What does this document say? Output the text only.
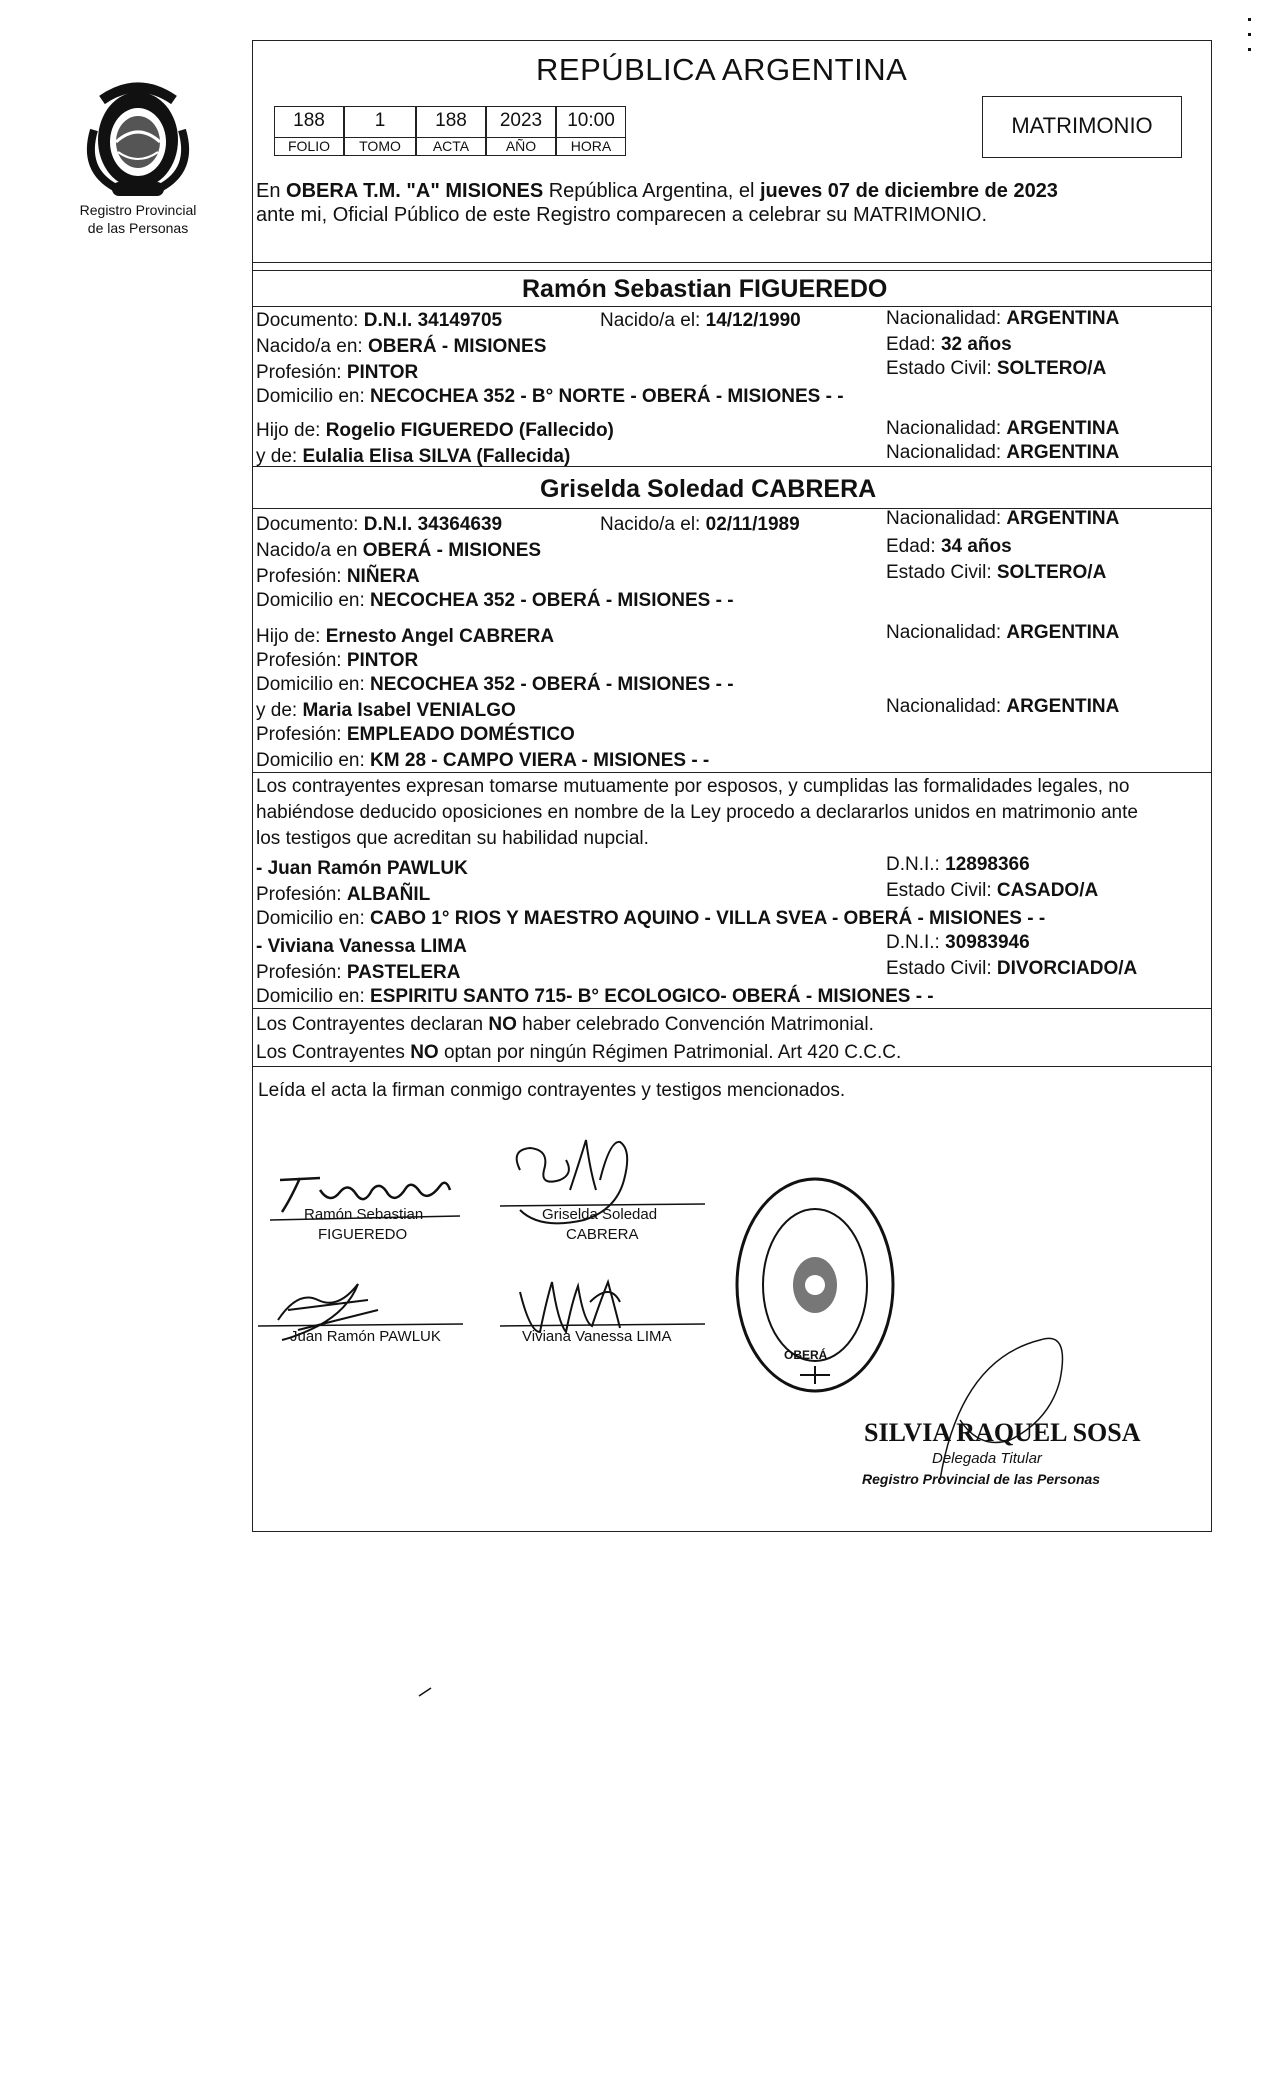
Registro Provincial
de las Personas
REPÚBLICA ARGENTINA
188	1	188	2023	10:00
FOLIO	TOMO	ACTA	AÑO	HORA
MATRIMONIO
En OBERA T.M. "A" MISIONES República Argentina, el jueves 07 de diciembre de 2023
ante mi, Oficial Público de este Registro comparecen a celebrar su MATRIMONIO.
Ramón Sebastian FIGUEREDO
Documento: D.N.I. 34149705	Nacido/a el: 14/12/1990	Nacionalidad: ARGENTINA
Nacido/a en: OBERÁ - MISIONES	Edad: 32 años
Profesión: PINTOR	Estado Civil: SOLTERO/A
Domicilio en: NECOCHEA 352 - B° NORTE - OBERÁ - MISIONES - -
Hijo de: Rogelio FIGUEREDO (Fallecido)	Nacionalidad: ARGENTINA
y de: Eulalia Elisa SILVA (Fallecida)	Nacionalidad: ARGENTINA
Griselda Soledad CABRERA
Documento: D.N.I. 34364639	Nacido/a el: 02/11/1989	Nacionalidad: ARGENTINA
Nacido/a en OBERÁ - MISIONES	Edad: 34 años
Profesión: NIÑERA	Estado Civil: SOLTERO/A
Domicilio en: NECOCHEA 352 - OBERÁ - MISIONES - -
Hijo de: Ernesto Angel CABRERA	Nacionalidad: ARGENTINA
Profesión: PINTOR
Domicilio en: NECOCHEA 352 - OBERÁ - MISIONES - -
y de: Maria Isabel VENIALGO	Nacionalidad: ARGENTINA
Profesión: EMPLEADO DOMÉSTICO
Domicilio en: KM 28 - CAMPO VIERA - MISIONES - -
Los contrayentes expresan tomarse mutuamente por esposos, y cumplidas las formalidades legales, no
habiéndose deducido oposiciones en nombre de la Ley procedo a declararlos unidos en matrimonio ante
los testigos que acreditan su habilidad nupcial.
- Juan Ramón PAWLUK	D.N.I.: 12898366
Profesión: ALBAÑIL	Estado Civil: CASADO/A
Domicilio en: CABO 1° RIOS Y MAESTRO AQUINO - VILLA SVEA - OBERÁ - MISIONES - -
- Viviana Vanessa LIMA	D.N.I.: 30983946
Profesión: PASTELERA	Estado Civil: DIVORCIADO/A
Domicilio en: ESPIRITU SANTO 715- B° ECOLOGICO- OBERÁ - MISIONES - -
Los Contrayentes declaran NO haber celebrado Convención Matrimonial.
Los Contrayentes NO optan por ningún Régimen Patrimonial. Art 420 C.C.C.
Leída el acta la firman conmigo contrayentes y testigos mencionados.
Ramón Sebastian
FIGUEREDO
Griselda Soledad
CABRERA
Juan Ramón PAWLUK	Viviana Vanessa LIMA
OBERÁ
SILVIA RAQUEL SOSA
Delegada Titular
Registro Provincial de las Personas
